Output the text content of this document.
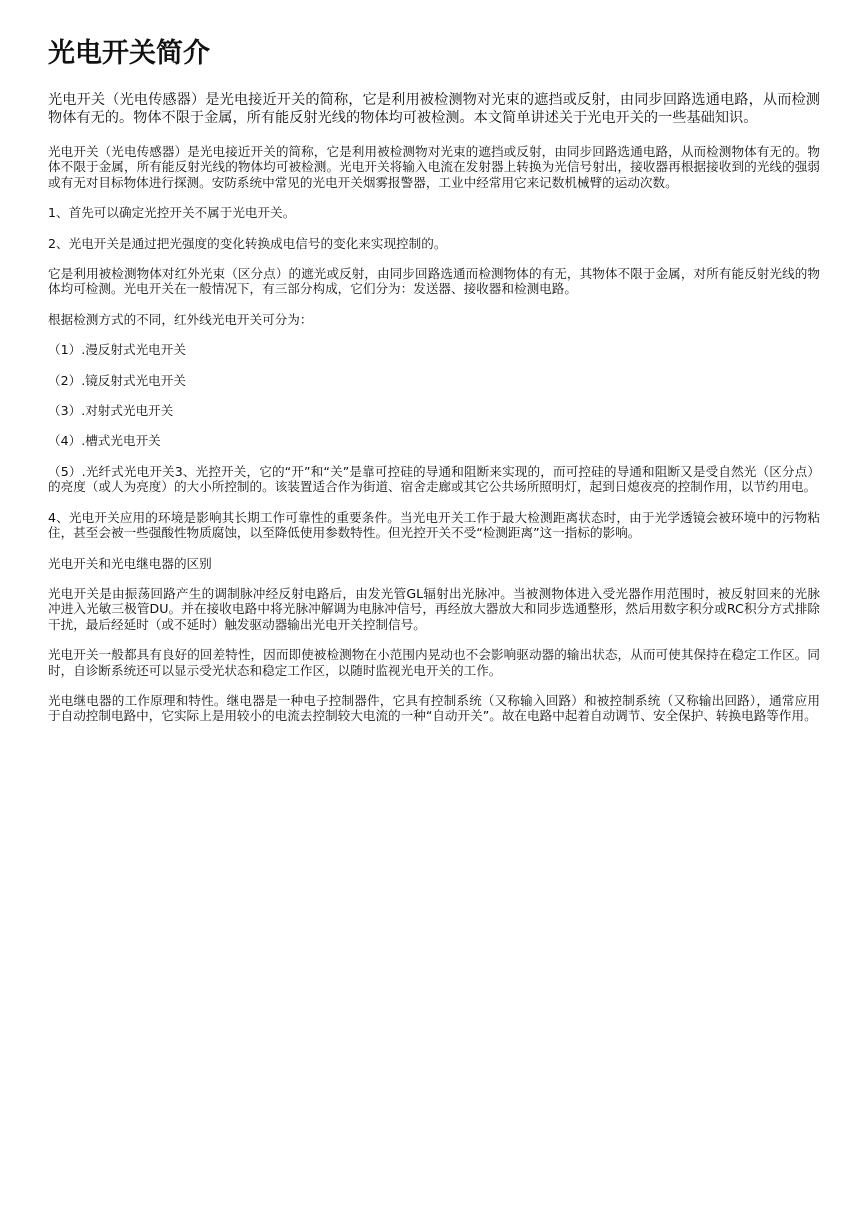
光电开关简介

光电开关（光电传感器）是光电接近开关的简称，它是利用被检测物对光束的遮挡或反射，由同步回路选通电路，从而检测物体有无的。物体不限于金属，所有能反射光线的物体均可被检测。本文简单讲述关于光电开关的一些基础知识。

光电开关（光电传感器）是光电接近开关的简称，它是利用被检测物对光束的遮挡或反射，由同步回路选通电路，从而检测物体有无的。物体不限于金属，所有能反射光线的物体均可被检测。光电开关将输入电流在发射器上转换为光信号射出，接收器再根据接收到的光线的强弱或有无对目标物体进行探测。安防系统中常见的光电开关烟雾报警器，工业中经常用它来记数机械臂的运动次数。

1、首先可以确定光控开关不属于光电开关。

2、光电开关是通过把光强度的变化转换成电信号的变化来实现控制的。

它是利用被检测物体对红外光束（区分点）的遮光或反射，由同步回路选通而检测物体的有无，其物体不限于金属，对所有能反射光线的物体均可检测。光电开关在一般情况下，有三部分构成，它们分为：发送器、接收器和检测电路。

根据检测方式的不同，红外线光电开关可分为：

（1）.漫反射式光电开关

（2）.镜反射式光电开关

（3）.对射式光电开关

（4）.槽式光电开关

（5）.光纤式光电开关3、光控开关，它的“开”和“关”是靠可控硅的导通和阻断来实现的，而可控硅的导通和阻断又是受自然光（区分点）的亮度（或人为亮度）的大小所控制的。该装置适合作为街道、宿舍走廊或其它公共场所照明灯，起到日熄夜亮的控制作用，以节约用电。

4、光电开关应用的环境是影响其长期工作可靠性的重要条件。当光电开关工作于最大检测距离状态时，由于光学透镜会被环境中的污物粘住，甚至会被一些强酸性物质腐蚀，以至降低使用参数特性。但光控开关不受“检测距离”这一指标的影响。

光电开关和光电继电器的区别

光电开关是由振荡回路产生的调制脉冲经反射电路后，由发光管GL辐射出光脉冲。当被测物体进入受光器作用范围时，被反射回来的光脉冲进入光敏三极管DU。并在接收电路中将光脉冲解调为电脉冲信号，再经放大器放大和同步选通整形，然后用数字积分或RC积分方式排除干扰，最后经延时（或不延时）触发驱动器输出光电开关控制信号。

光电开关一般都具有良好的回差特性，因而即使被检测物在小范围内晃动也不会影响驱动器的输出状态，从而可使其保持在稳定工作区。同时，自诊断系统还可以显示受光状态和稳定工作区，以随时监视光电开关的工作。

光电继电器的工作原理和特性。继电器是一种电子控制器件，它具有控制系统（又称输入回路）和被控制系统（又称输出回路），通常应用于自动控制电路中，它实际上是用较小的电流去控制较大电流的一种“自动开关”。故在电路中起着自动调节、安全保护、转换电路等作用。
